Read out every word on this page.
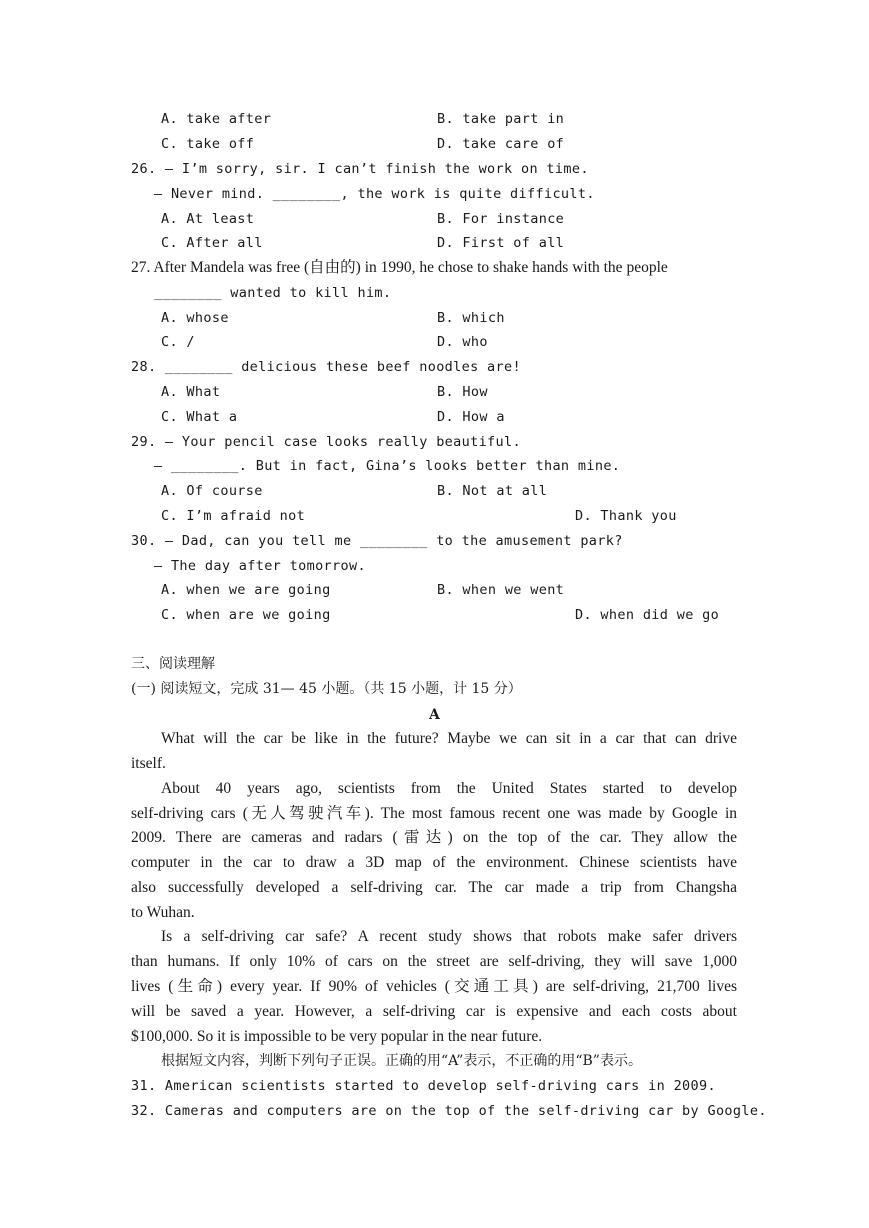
A. take after	B. take part in
C. take off	D. take care of
26. — I’m sorry, sir. I can’t finish the work on time.
— Never mind. ________, the work is quite difficult.
A. At least	B. For instance
C. After all	D. First of all
27. After Mandela was free (自由的) in 1990, he chose to shake hands with the people
________ wanted to kill him.
A. whose	B. which
C. /	D. who
28. ________ delicious these beef noodles are!
A. What	B. How
C. What a	D. How a
29. — Your pencil case looks really beautiful.
— ________. But in fact, Gina’s looks better than mine.
A. Of course	B. Not at all
C. I’m afraid not	D. Thank you
30. — Dad, can you tell me ________ to the amusement park?
— The day after tomorrow.
A. when we are going	B. when we went
C. when are we going	D. when did we go
三、阅读理解
(一) 阅读短文，完成 31— 45 小题。（共 15 小题，计 15 分）
A
What will the car be like in the future? Maybe we can sit in a car that can drive
itself.
About 40 years ago, scientists from the United States started to develop
self-driving cars (无人驾驶汽车). The most famous recent one was made by Google in
2009. There are cameras and radars (雷达) on the top of the car. They allow the
computer in the car to draw a 3D map of the environment. Chinese scientists have
also successfully developed a self-driving car. The car made a trip from Changsha
to Wuhan.
Is a self-driving car safe? A recent study shows that robots make safer drivers
than humans. If only 10% of cars on the street are self-driving, they will save 1,000
lives (生命) every year. If 90% of vehicles (交通工具) are self-driving, 21,700 lives
will be saved a year. However, a self-driving car is expensive and each costs about
$100,000. So it is impossible to be very popular in the near future.
根据短文内容，判断下列句子正误。正确的用“A”表示，不正确的用“B”表示。
31. American scientists started to develop self-driving cars in 2009.
32. Cameras and computers are on the top of the self-driving car by Google.
